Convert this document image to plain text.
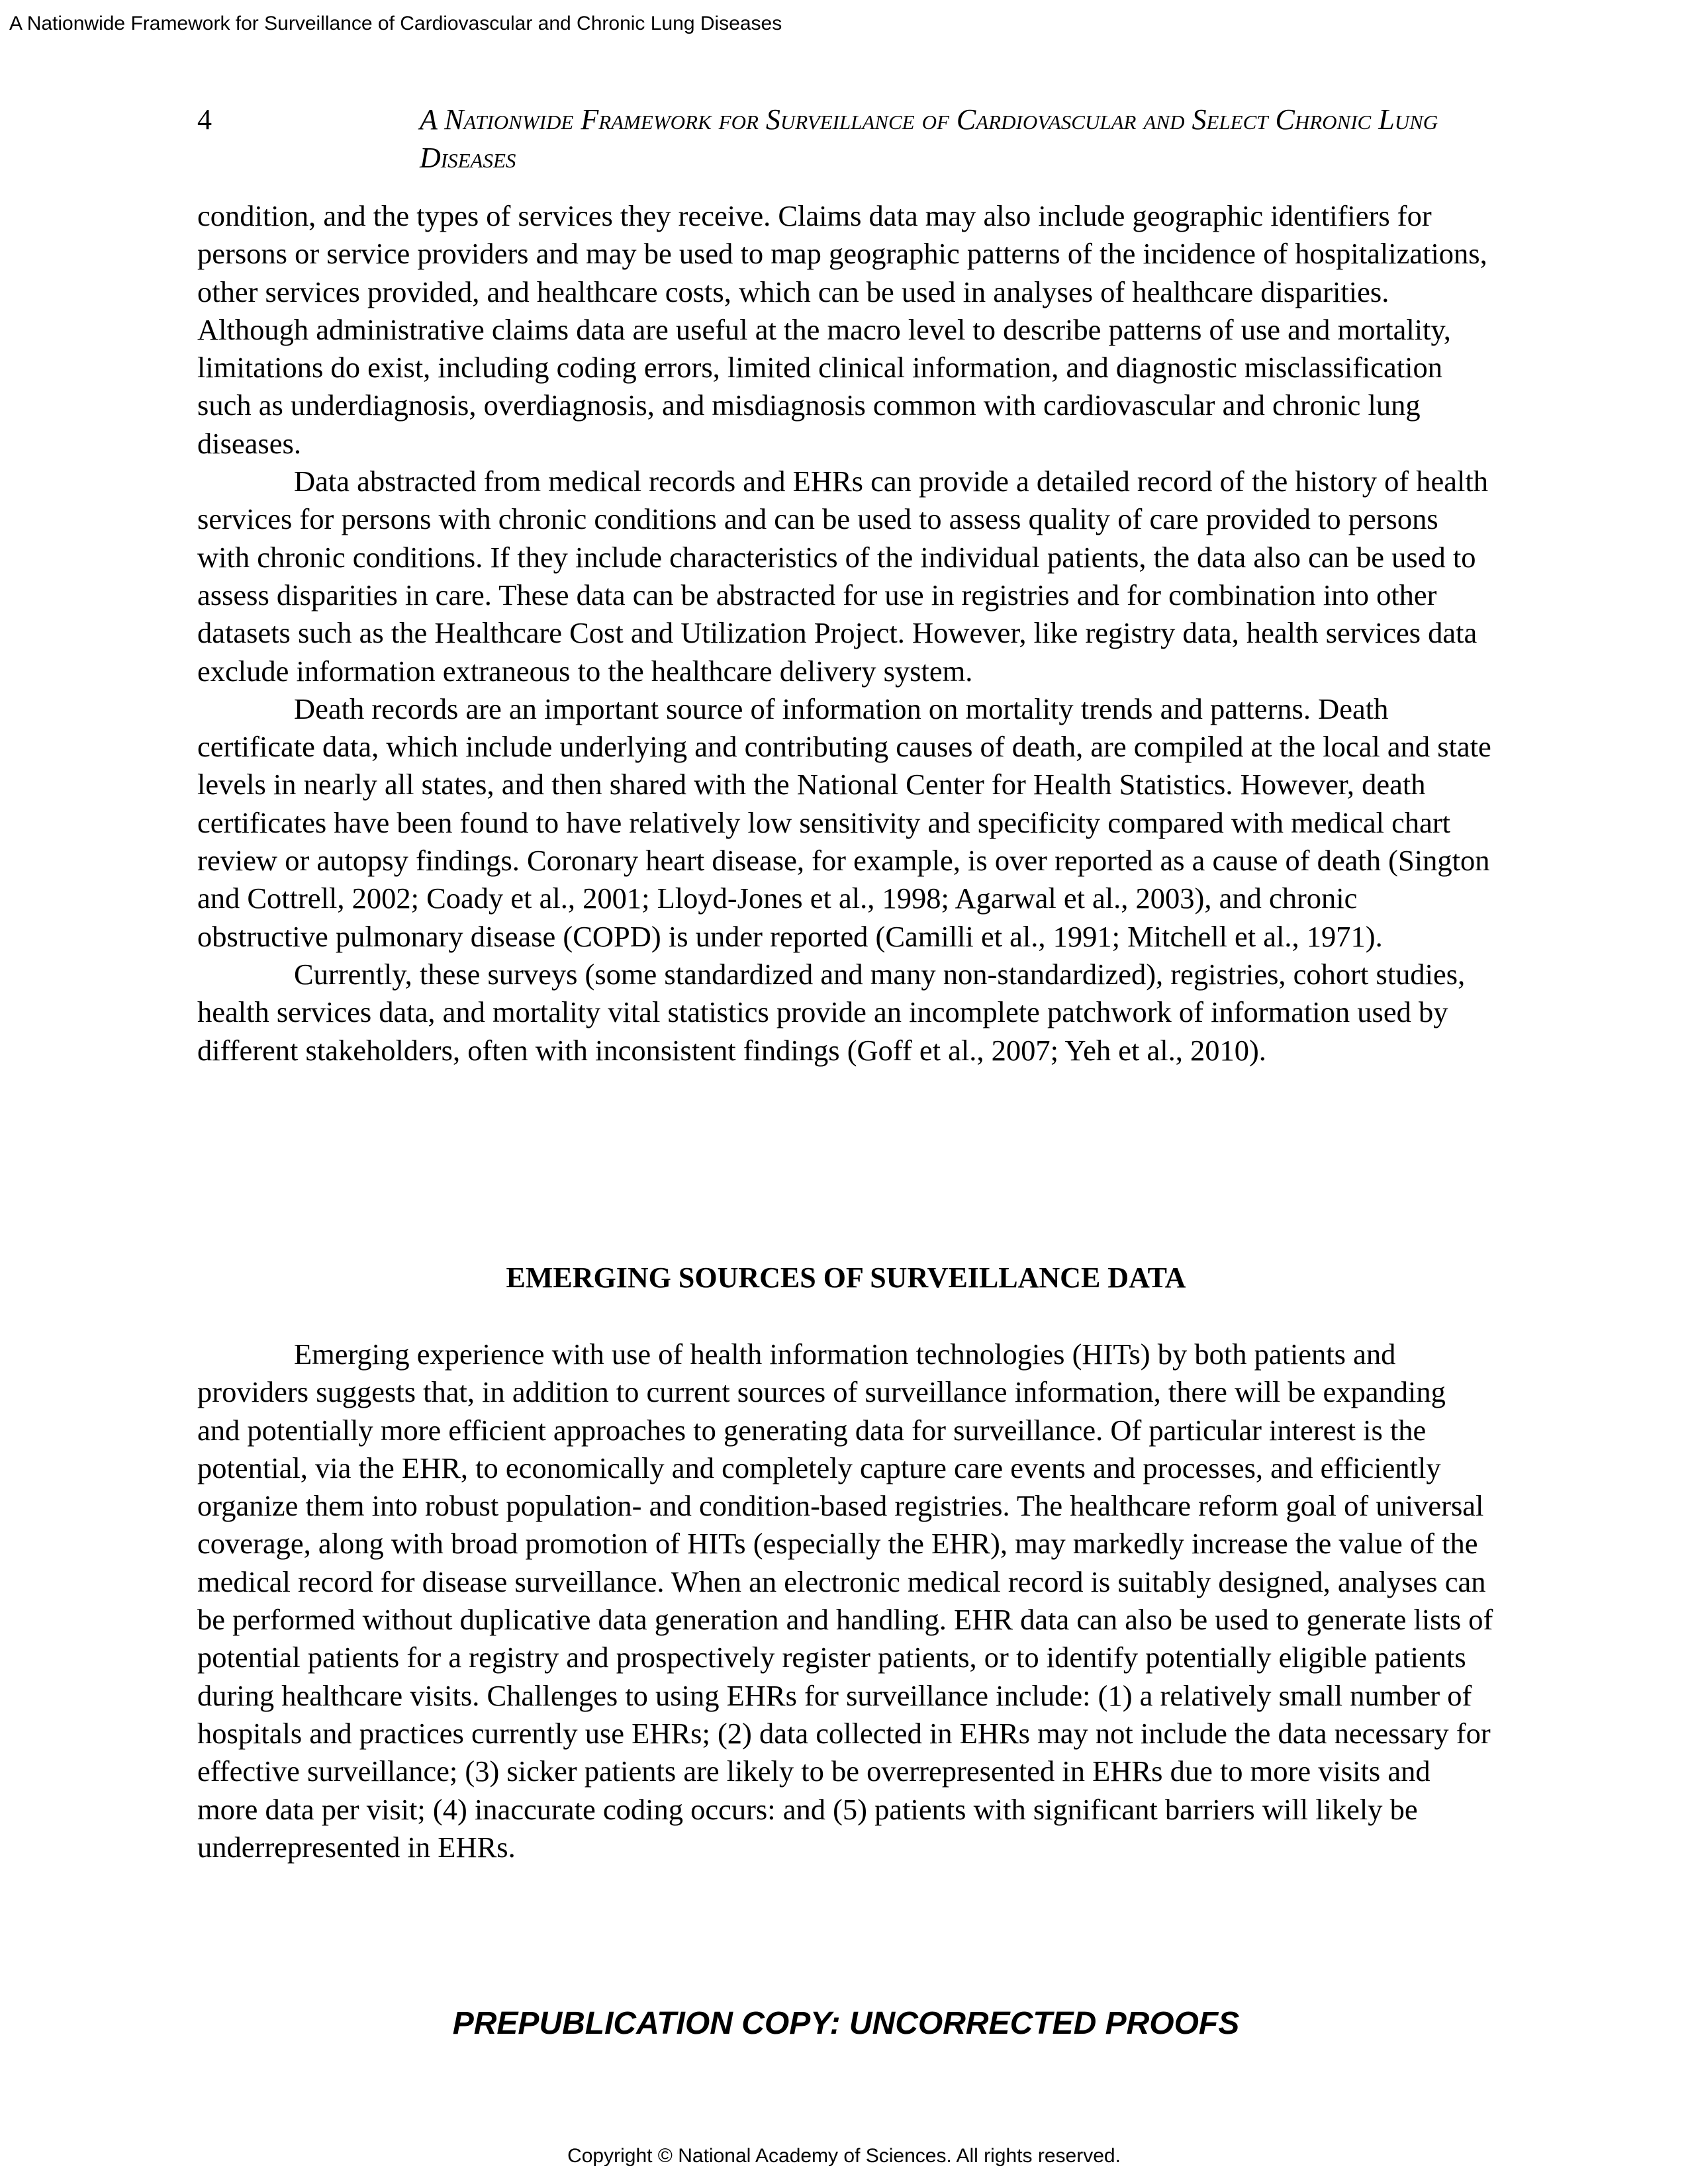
A Nationwide Framework for Surveillance of Cardiovascular and Chronic Lung Diseases
4	A Nationwide Framework for Surveillance of Cardiovascular and Select Chronic Lung Diseases

condition, and the types of services they receive. Claims data may also include geographic identifiers for persons or service providers and may be used to map geographic patterns of the incidence of hospitalizations, other services provided, and healthcare costs, which can be used in analyses of healthcare disparities. Although administrative claims data are useful at the macro level to describe patterns of use and mortality, limitations do exist, including coding errors, limited clinical information, and diagnostic misclassification such as underdiagnosis, overdiagnosis, and misdiagnosis common with cardiovascular and chronic lung diseases.

Data abstracted from medical records and EHRs can provide a detailed record of the history of health services for persons with chronic conditions and can be used to assess quality of care provided to persons with chronic conditions. If they include characteristics of the individual patients, the data also can be used to assess disparities in care. These data can be abstracted for use in registries and for combination into other datasets such as the Healthcare Cost and Utilization Project. However, like registry data, health services data exclude information extraneous to the healthcare delivery system.

Death records are an important source of information on mortality trends and patterns. Death certificate data, which include underlying and contributing causes of death, are compiled at the local and state levels in nearly all states, and then shared with the National Center for Health Statistics. However, death certificates have been found to have relatively low sensitivity and specificity compared with medical chart review or autopsy findings. Coronary heart disease, for example, is over reported as a cause of death (Sington and Cottrell, 2002; Coady et al., 2001; Lloyd-Jones et al., 1998; Agarwal et al., 2003), and chronic obstructive pulmonary disease (COPD) is under reported (Camilli et al., 1991; Mitchell et al., 1971).

Currently, these surveys (some standardized and many non-standardized), registries, cohort studies, health services data, and mortality vital statistics provide an incomplete patchwork of information used by different stakeholders, often with inconsistent findings (Goff et al., 2007; Yeh et al., 2010).

EMERGING SOURCES OF SURVEILLANCE DATA

Emerging experience with use of health information technologies (HITs) by both patients and providers suggests that, in addition to current sources of surveillance information, there will be expanding and potentially more efficient approaches to generating data for surveillance. Of particular interest is the potential, via the EHR, to economically and completely capture care events and processes, and efficiently organize them into robust population- and condition-based registries. The healthcare reform goal of universal coverage, along with broad promotion of HITs (especially the EHR), may markedly increase the value of the medical record for disease surveillance. When an electronic medical record is suitably designed, analyses can be performed without duplicative data generation and handling. EHR data can also be used to generate lists of potential patients for a registry and prospectively register patients, or to identify potentially eligible patients during healthcare visits. Challenges to using EHRs for surveillance include: (1) a relatively small number of hospitals and practices currently use EHRs; (2) data collected in EHRs may not include the data necessary for effective surveillance; (3) sicker patients are likely to be overrepresented in EHRs due to more visits and more data per visit; (4) inaccurate coding occurs: and (5) patients with significant barriers will likely be underrepresented in EHRs.

PREPUBLICATION COPY: UNCORRECTED PROOFS
Copyright © National Academy of Sciences. All rights reserved.
